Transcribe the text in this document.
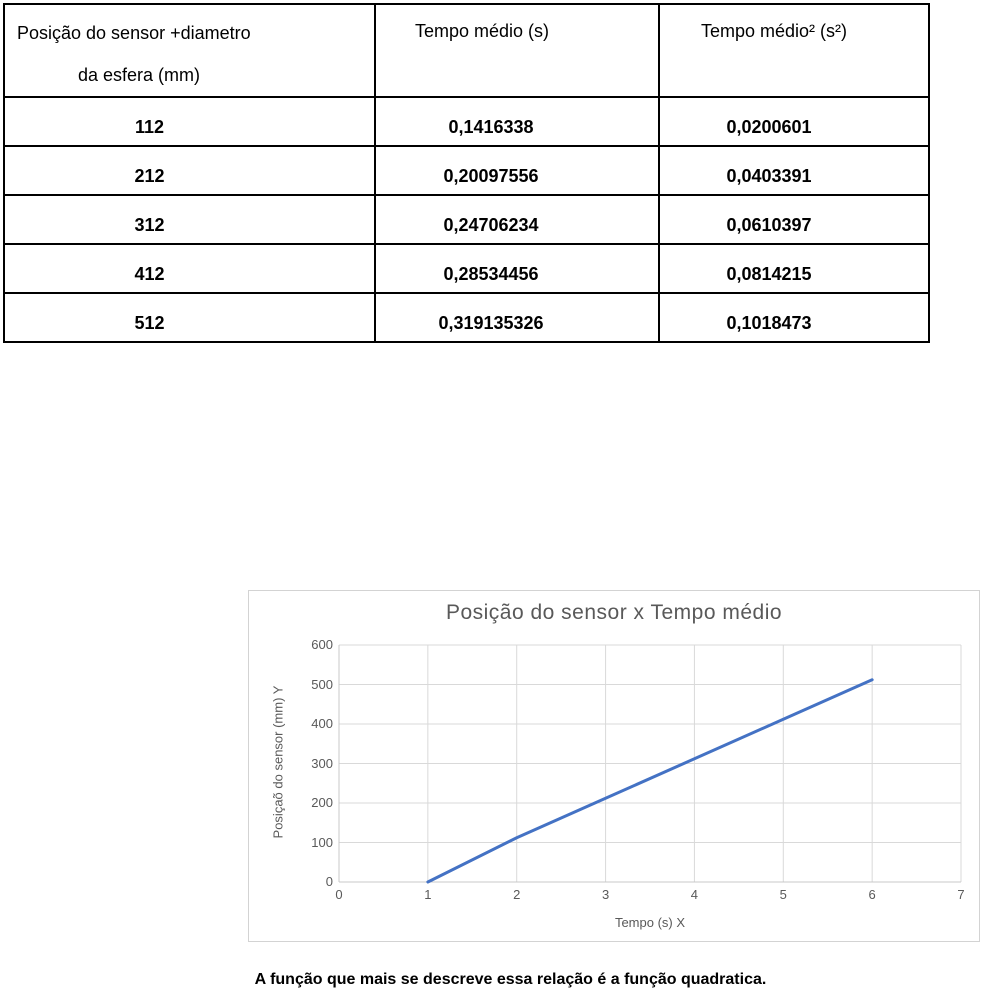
Posição do sensor +diametro
da esfera (mm)	Tempo médio (s)	Tempo médio² (s²)
112	0,1416338	0,0200601
212	0,20097556	0,0403391
312	0,24706234	0,0610397
412	0,28534456	0,0814215
512	0,319135326	0,1018473
Posição do sensor x Tempo médio
Posiçaõ do sensor (mm) Y
Tempo (s) X
0
100
200
300
400
500
600
0	1	2	3	4	5	6	7
A função que mais se descreve essa relação é a função quadratica.
